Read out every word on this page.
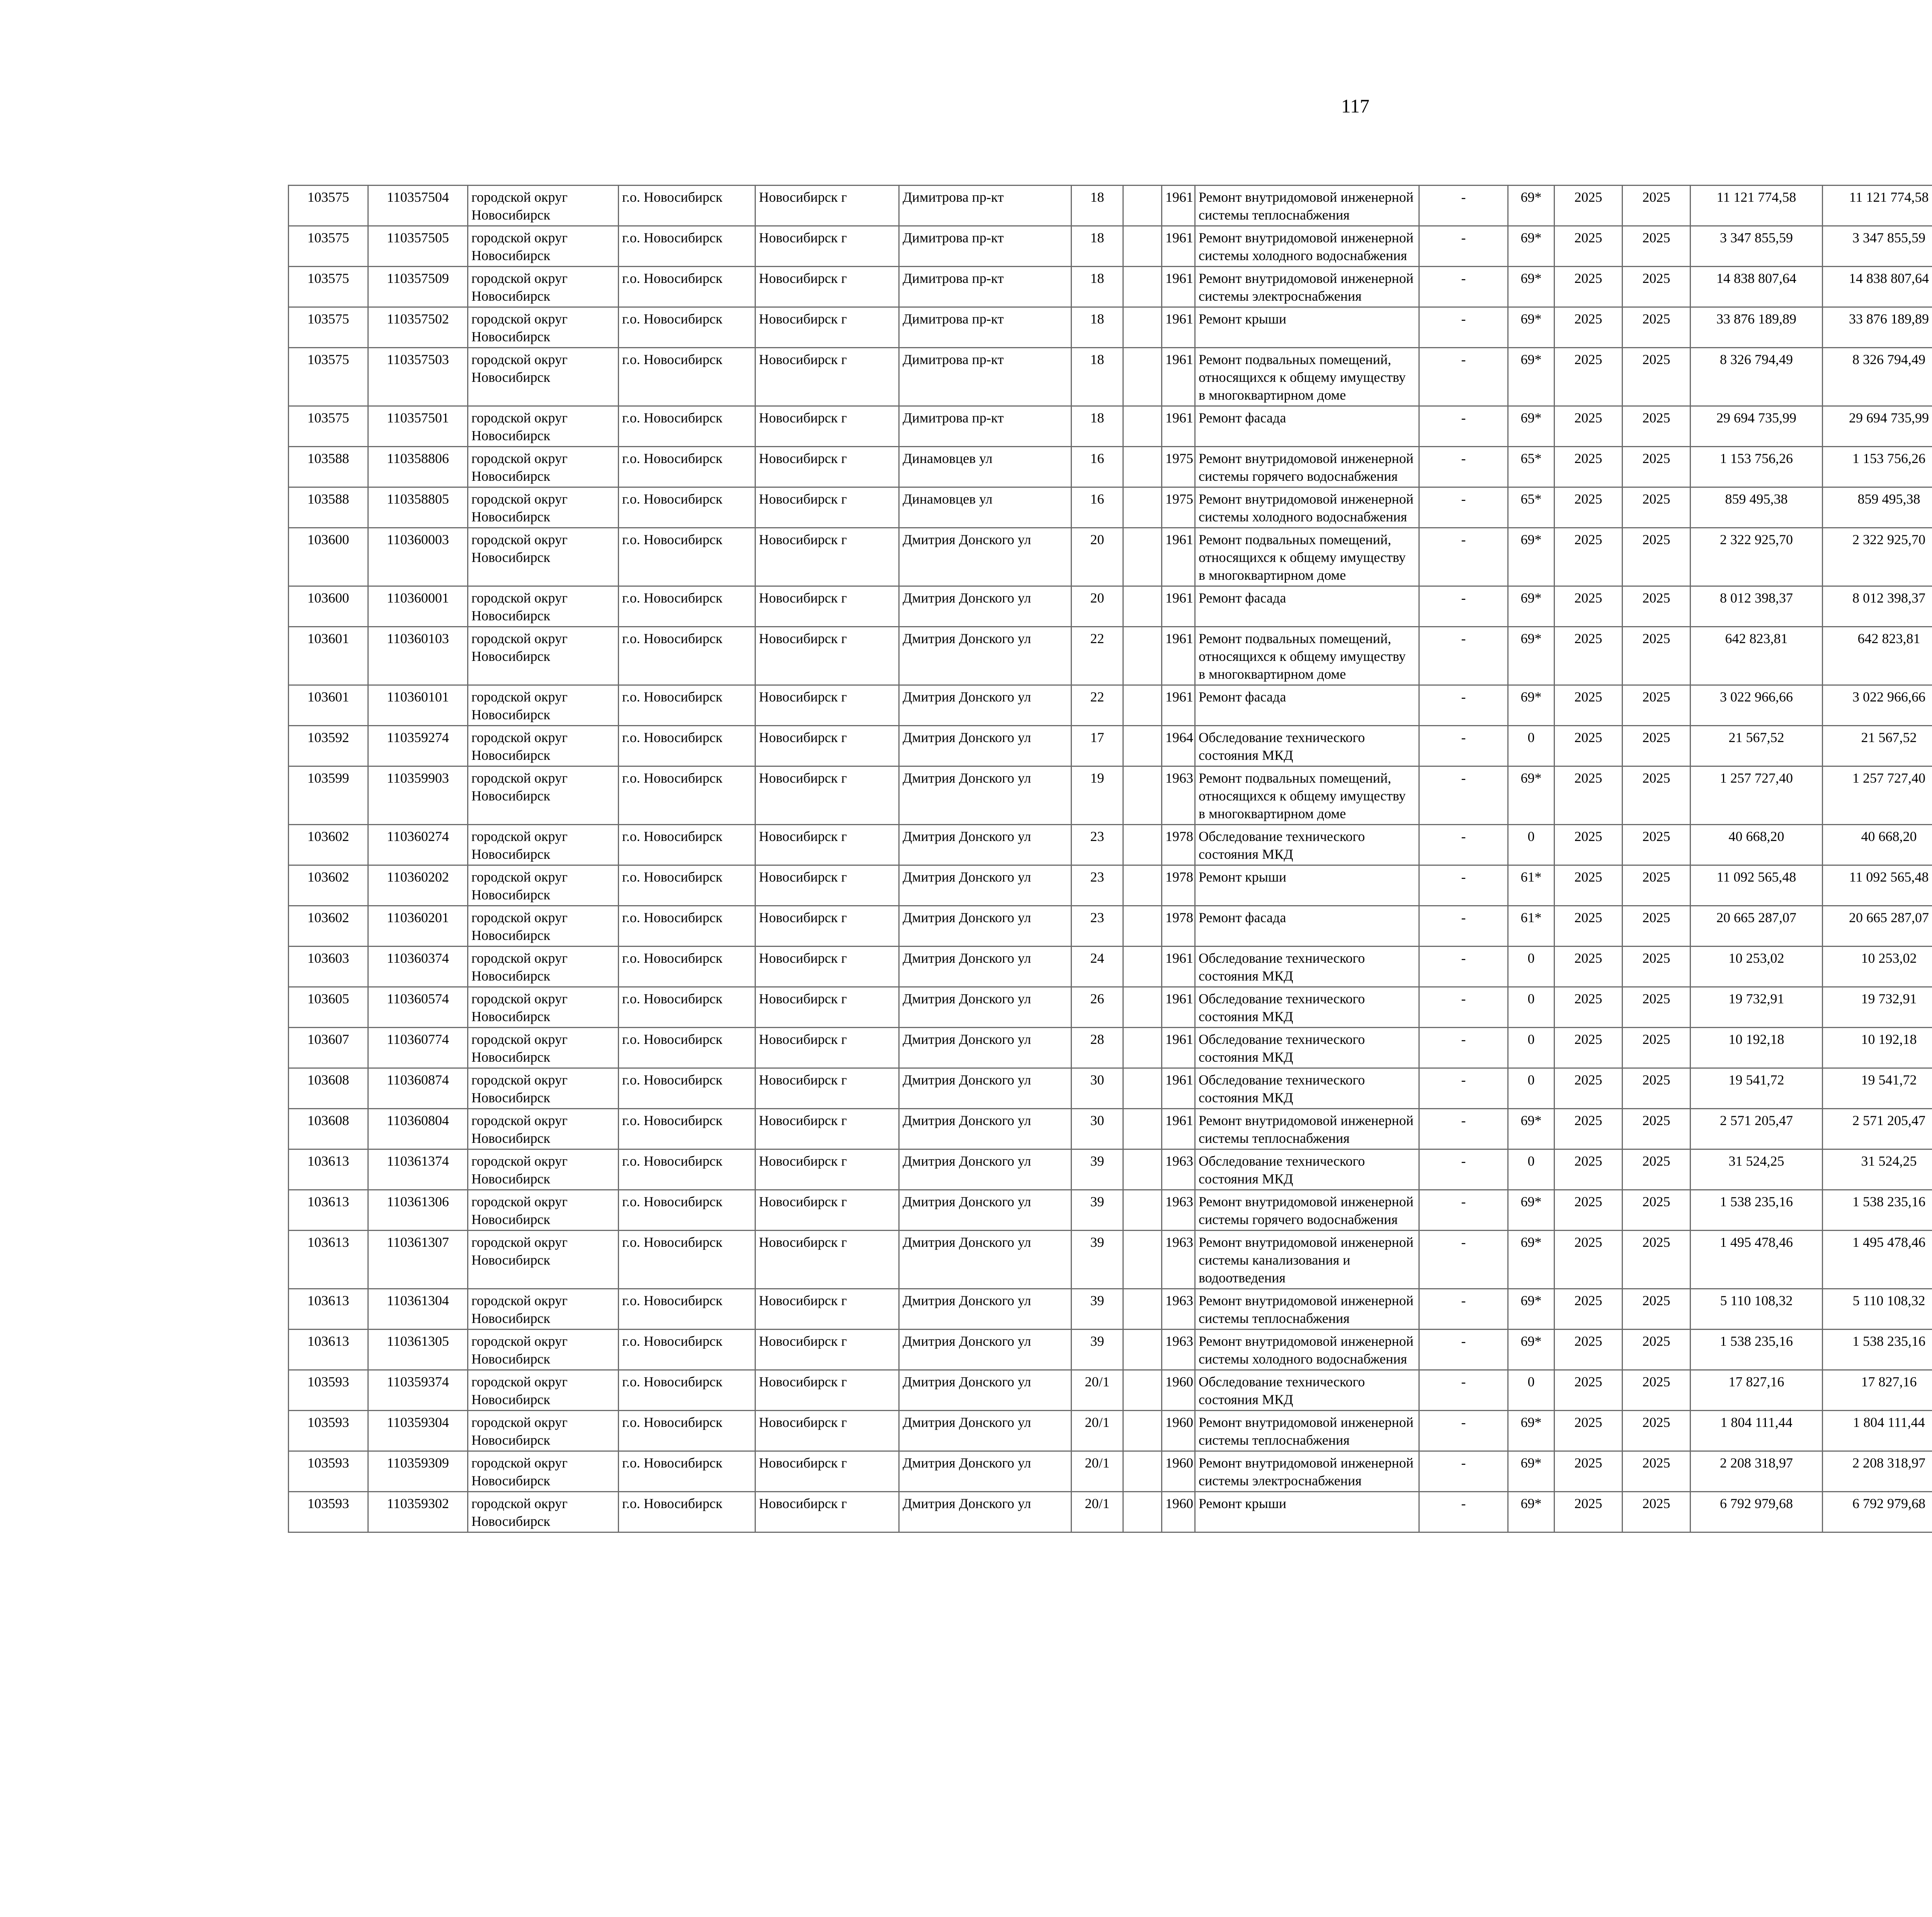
117
103575	110357504	городской округ Новосибирск	г.о. Новосибирск	Новосибирск г	Димитрова пр-кт	18		1961	Ремонт внутридомовой инженерной системы теплоснабжения	-	69*	2025	2025	11 121 774,58	11 121 774,58						
103575	110357505	городской округ Новосибирск	г.о. Новосибирск	Новосибирск г	Димитрова пр-кт	18		1961	Ремонт внутридомовой инженерной системы холодного водоснабжения	-	69*	2025	2025	3 347 855,59	3 347 855,59						
103575	110357509	городской округ Новосибирск	г.о. Новосибирск	Новосибирск г	Димитрова пр-кт	18		1961	Ремонт внутридомовой инженерной системы электроснабжения	-	69*	2025	2025	14 838 807,64	14 838 807,64						
103575	110357502	городской округ Новосибирск	г.о. Новосибирск	Новосибирск г	Димитрова пр-кт	18		1961	Ремонт крыши	-	69*	2025	2025	33 876 189,89	33 876 189,89						
103575	110357503	городской округ Новосибирск	г.о. Новосибирск	Новосибирск г	Димитрова пр-кт	18		1961	Ремонт подвальных помещений, относящихся к общему имуществу в многоквартирном доме	-	69*	2025	2025	8 326 794,49	8 326 794,49						
103575	110357501	городской округ Новосибирск	г.о. Новосибирск	Новосибирск г	Димитрова пр-кт	18		1961	Ремонт фасада	-	69*	2025	2025	29 694 735,99	29 694 735,99						
103588	110358806	городской округ Новосибирск	г.о. Новосибирск	Новосибирск г	Динамовцев ул	16		1975	Ремонт внутридомовой инженерной системы горячего водоснабжения	-	65*	2025	2025	1 153 756,26	1 153 756,26						
103588	110358805	городской округ Новосибирск	г.о. Новосибирск	Новосибирск г	Динамовцев ул	16		1975	Ремонт внутридомовой инженерной системы холодного водоснабжения	-	65*	2025	2025	859 495,38	859 495,38						
103600	110360003	городской округ Новосибирск	г.о. Новосибирск	Новосибирск г	Дмитрия Донского ул	20		1961	Ремонт подвальных помещений, относящихся к общему имуществу в многоквартирном доме	-	69*	2025	2025	2 322 925,70	2 322 925,70						
103600	110360001	городской округ Новосибирск	г.о. Новосибирск	Новосибирск г	Дмитрия Донского ул	20		1961	Ремонт фасада	-	69*	2025	2025	8 012 398,37	8 012 398,37						
103601	110360103	городской округ Новосибирск	г.о. Новосибирск	Новосибирск г	Дмитрия Донского ул	22		1961	Ремонт подвальных помещений, относящихся к общему имуществу в многоквартирном доме	-	69*	2025	2025	642 823,81	642 823,81						
103601	110360101	городской округ Новосибирск	г.о. Новосибирск	Новосибирск г	Дмитрия Донского ул	22		1961	Ремонт фасада	-	69*	2025	2025	3 022 966,66	3 022 966,66						
103592	110359274	городской округ Новосибирск	г.о. Новосибирск	Новосибирск г	Дмитрия Донского ул	17		1964	Обследование технического состояния МКД	-	0	2025	2025	21 567,52	21 567,52						
103599	110359903	городской округ Новосибирск	г.о. Новосибирск	Новосибирск г	Дмитрия Донского ул	19		1963	Ремонт подвальных помещений, относящихся к общему имуществу в многоквартирном доме	-	69*	2025	2025	1 257 727,40	1 257 727,40						
103602	110360274	городской округ Новосибирск	г.о. Новосибирск	Новосибирск г	Дмитрия Донского ул	23		1978	Обследование технического состояния МКД	-	0	2025	2025	40 668,20	40 668,20						
103602	110360202	городской округ Новосибирск	г.о. Новосибирск	Новосибирск г	Дмитрия Донского ул	23		1978	Ремонт крыши	-	61*	2025	2025	11 092 565,48	11 092 565,48						
103602	110360201	городской округ Новосибирск	г.о. Новосибирск	Новосибирск г	Дмитрия Донского ул	23		1978	Ремонт фасада	-	61*	2025	2025	20 665 287,07	20 665 287,07						
103603	110360374	городской округ Новосибирск	г.о. Новосибирск	Новосибирск г	Дмитрия Донского ул	24		1961	Обследование технического состояния МКД	-	0	2025	2025	10 253,02	10 253,02						
103605	110360574	городской округ Новосибирск	г.о. Новосибирск	Новосибирск г	Дмитрия Донского ул	26		1961	Обследование технического состояния МКД	-	0	2025	2025	19 732,91	19 732,91						
103607	110360774	городской округ Новосибирск	г.о. Новосибирск	Новосибирск г	Дмитрия Донского ул	28		1961	Обследование технического состояния МКД	-	0	2025	2025	10 192,18	10 192,18						
103608	110360874	городской округ Новосибирск	г.о. Новосибирск	Новосибирск г	Дмитрия Донского ул	30		1961	Обследование технического состояния МКД	-	0	2025	2025	19 541,72	19 541,72						
103608	110360804	городской округ Новосибирск	г.о. Новосибирск	Новосибирск г	Дмитрия Донского ул	30		1961	Ремонт внутридомовой инженерной системы теплоснабжения	-	69*	2025	2025	2 571 205,47	2 571 205,47						
103613	110361374	городской округ Новосибирск	г.о. Новосибирск	Новосибирск г	Дмитрия Донского ул	39		1963	Обследование технического состояния МКД	-	0	2025	2025	31 524,25	31 524,25						
103613	110361306	городской округ Новосибирск	г.о. Новосибирск	Новосибирск г	Дмитрия Донского ул	39		1963	Ремонт внутридомовой инженерной системы горячего водоснабжения	-	69*	2025	2025	1 538 235,16	1 538 235,16						
103613	110361307	городской округ Новосибирск	г.о. Новосибирск	Новосибирск г	Дмитрия Донского ул	39		1963	Ремонт внутридомовой инженерной системы канализования и водоотведения	-	69*	2025	2025	1 495 478,46	1 495 478,46						
103613	110361304	городской округ Новосибирск	г.о. Новосибирск	Новосибирск г	Дмитрия Донского ул	39		1963	Ремонт внутридомовой инженерной системы теплоснабжения	-	69*	2025	2025	5 110 108,32	5 110 108,32						
103613	110361305	городской округ Новосибирск	г.о. Новосибирск	Новосибирск г	Дмитрия Донского ул	39		1963	Ремонт внутридомовой инженерной системы холодного водоснабжения	-	69*	2025	2025	1 538 235,16	1 538 235,16						
103593	110359374	городской округ Новосибирск	г.о. Новосибирск	Новосибирск г	Дмитрия Донского ул	20/1		1960	Обследование технического состояния МКД	-	0	2025	2025	17 827,16	17 827,16						
103593	110359304	городской округ Новосибирск	г.о. Новосибирск	Новосибирск г	Дмитрия Донского ул	20/1		1960	Ремонт внутридомовой инженерной системы теплоснабжения	-	69*	2025	2025	1 804 111,44	1 804 111,44						
103593	110359309	городской округ Новосибирск	г.о. Новосибирск	Новосибирск г	Дмитрия Донского ул	20/1		1960	Ремонт внутридомовой инженерной системы электроснабжения	-	69*	2025	2025	2 208 318,97	2 208 318,97						
103593	110359302	городской округ Новосибирск	г.о. Новосибирск	Новосибирск г	Дмитрия Донского ул	20/1		1960	Ремонт крыши	-	69*	2025	2025	6 792 979,68	6 792 979,68						
